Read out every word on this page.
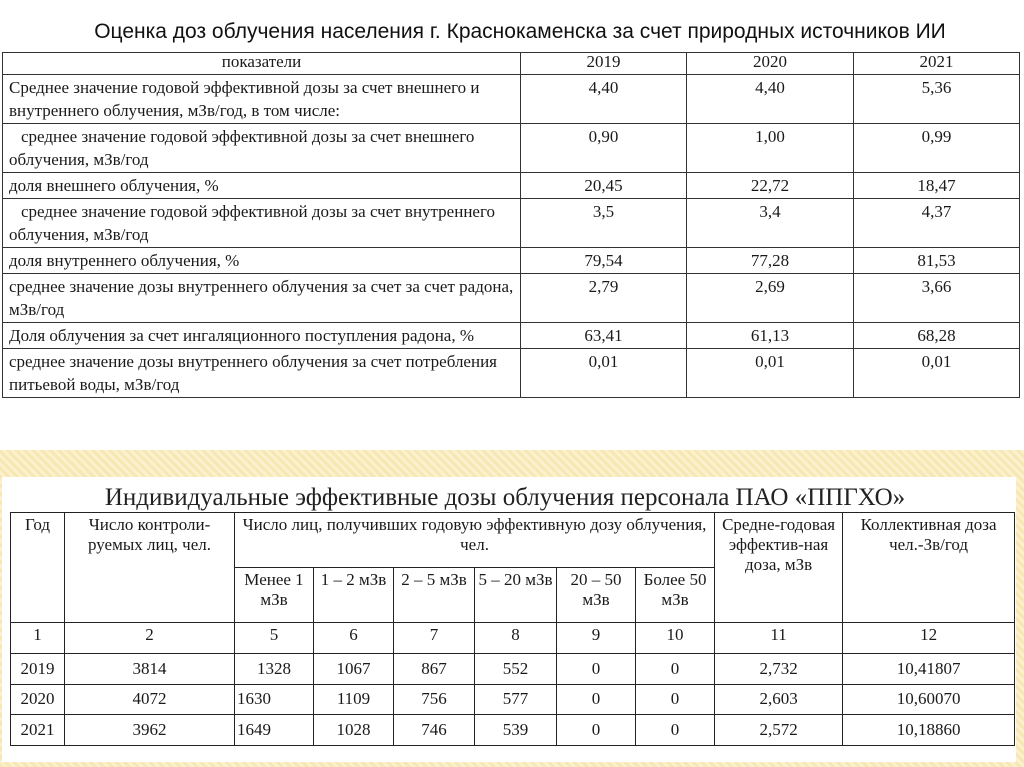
Оценка доз облучения населения г. Краснокаменска за счет природных источников ИИ
показатели	2019	2020	2021
Среднее значение годовой эффективной дозы за счет внешнего и внутреннего облучения, мЗв/год, в том числе:	4,40	4,40	5,36
среднее значение годовой эффективной дозы за счет внешнего облучения, мЗв/год	0,90	1,00	0,99
доля внешнего облучения, %	20,45	22,72	18,47
среднее значение годовой эффективной дозы за счет внутреннего облучения, мЗв/год	3,5	3,4	4,37
доля внутреннего облучения, %	79,54	77,28	81,53
среднее значение дозы внутреннего облучения за счет за счет радона, мЗв/год	2,79	2,69	3,66
Доля облучения за счет ингаляционного поступления радона, %	63,41	61,13	68,28
среднее значение дозы внутреннего облучения за счет потребления питьевой воды, мЗв/год	0,01	0,01	0,01
Индивидуальные эффективные дозы облучения персонала ПАО «ППГХО»
Год	Число контроли-руемых лиц, чел.	Число лиц, получивших годовую эффективную дозу облучения, чел.						Средне-годовая эффектив-ная доза, мЗв	Коллективная доза чел.-Зв/год
		Менее 1 мЗв	1 – 2 мЗв	2 – 5 мЗв	5 – 20 мЗв	20 – 50 мЗв	Более 50 мЗв		
1	2	5	6	7	8	9	10	11	12
2019	3814	1328	1067	867	552	0	0	2,732	10,41807
2020	4072	1630	1109	756	577	0	0	2,603	10,60070
2021	3962	1649	1028	746	539	0	0	2,572	10,18860
